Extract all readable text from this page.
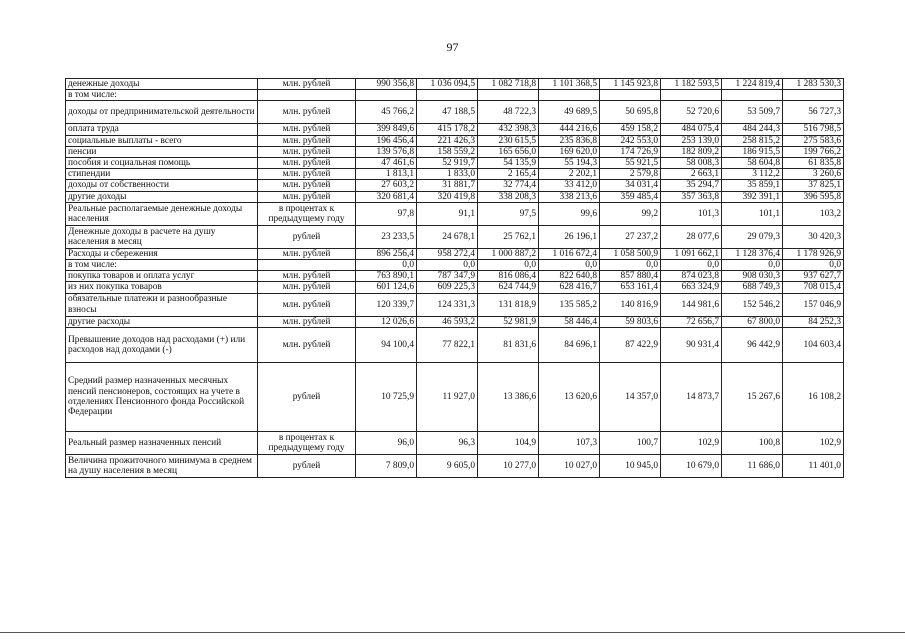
97
денежные доходы	млн. рублей	990 356,8	1 036 094,5	1 082 718,8	1 101 368,5	1 145 923,8	1 182 593,5	1 224 819,4	1 283 530,3
в том числе:									
доходы от предпринимательской деятельности	млн. рублей	45 766,2	47 188,5	48 722,3	49 689,5	50 695,8	52 720,6	53 509,7	56 727,3
оплата труда	млн. рублей	399 849,6	415 178,2	432 398,3	444 216,6	459 158,2	484 075,4	484 244,3	516 798,5
социальные выплаты - всего	млн. рублей	196 456,4	221 426,3	230 615,5	235 836,8	242 553,0	253 139,0	258 815,2	275 583,6
пенсии	млн. рублей	139 576,8	158 559,2	165 656,0	169 620,0	174 726,9	182 809,2	186 915,5	199 766,2
пособия и социальная помощь	млн. рублей	47 461,6	52 919,7	54 135,9	55 194,3	55 921,5	58 008,3	58 604,8	61 835,8
стипендии	млн. рублей	1 813,1	1 833,0	2 165,4	2 202,1	2 579,8	2 663,1	3 112,2	3 260,6
доходы от собственности	млн. рублей	27 603,2	31 881,7	32 774,4	33 412,0	34 031,4	35 294,7	35 859,1	37 825,1
другие доходы	млн. рублей	320 681,4	320 419,8	338 208,3	338 213,6	359 485,4	357 363,8	392 391,1	396 595,8
Реальные располагаемые денежные доходы населения	в процентах к предыдущему году	97,8	91,1	97,5	99,6	99,2	101,3	101,1	103,2
Денежные доходы в расчете на душу населения в месяц	рублей	23 233,5	24 678,1	25 762,1	26 196,1	27 237,2	28 077,6	29 079,3	30 420,3
Расходы и сбережения	млн. рублей	896 256,4	958 272,4	1 000 887,2	1 016 672,4	1 058 500,9	1 091 662,1	1 128 376,4	1 178 926,9
в том числе:		0,0	0,0	0,0	0,0	0,0	0,0	0,0	0,0
покупка товаров и оплата услуг	млн. рублей	763 890,1	787 347,9	816 086,4	822 640,8	857 880,4	874 023,8	908 030,3	937 627,7
из них покупка товаров	млн. рублей	601 124,6	609 225,3	624 744,9	628 416,7	653 161,4	663 324,9	688 749,3	708 015,4
обязательные платежи и разнообразные взносы	млн. рублей	120 339,7	124 331,3	131 818,9	135 585,2	140 816,9	144 981,6	152 546,2	157 046,9
другие расходы	млн. рублей	12 026,6	46 593,2	52 981,9	58 446,4	59 803,6	72 656,7	67 800,0	84 252,3
Превышение доходов над расходами (+) или расходов над доходами (-)	млн. рублей	94 100,4	77 822,1	81 831,6	84 696,1	87 422,9	90 931,4	96 442,9	104 603,4
Средний размер назначенных месячных пенсий пенсионеров, состоящих на учете в отделениях Пенсионного фонда Российской Федерации	рублей	10 725,9	11 927,0	13 386,6	13 620,6	14 357,0	14 873,7	15 267,6	16 108,2
Реальный размер назначенных пенсий	в процентах к предыдущему году	96,0	96,3	104,9	107,3	100,7	102,9	100,8	102,9
Величина прожиточного минимума в среднем на душу населения в месяц	рублей	7 809,0	9 605,0	10 277,0	10 027,0	10 945,0	10 679,0	11 686,0	11 401,0
